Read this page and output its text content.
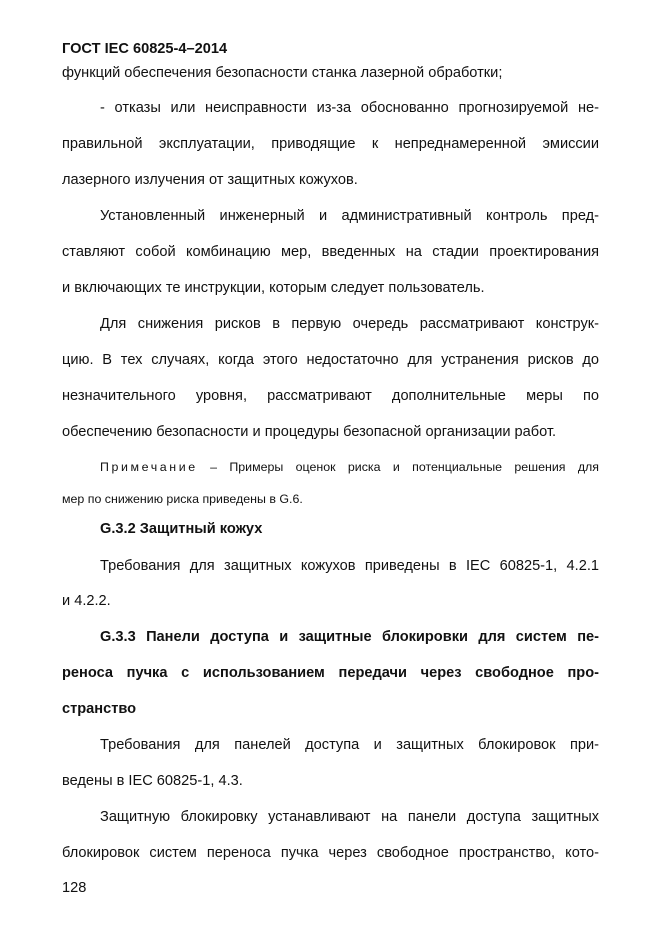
ГОСТ IEC 60825-4–2014

функций обеспечения безопасности станка лазерной обработки;

- отказы или неисправности из-за обоснованно прогнозируемой не-

правильной эксплуатации, приводящие к непреднамеренной эмиссии

лазерного излучения от защитных кожухов.

Установленный инженерный и административный контроль пред-

ставляют собой комбинацию мер, введенных на стадии проектирования

и включающих те инструкции, которым следует пользователь.

Для снижения рисков в первую очередь рассматривают конструк-

цию. В тех случаях, когда этого недостаточно для устранения рисков до

незначительного уровня, рассматривают дополнительные меры по

обеспечению безопасности и процедуры безопасной организации работ.

Примечание – Примеры оценок риска и потенциальные решения для

мер по снижению риска приведены в G.6.

G.3.2 Защитный кожух

Требования для защитных кожухов приведены в IEC 60825-1, 4.2.1

и 4.2.2.

G.3.3 Панели доступа и защитные блокировки для систем пе-

реноса пучка с использованием передачи через свободное про-

странство

Требования для панелей доступа и защитных блокировок при-

ведены в IEC 60825-1, 4.3.

Защитную блокировку устанавливают на панели доступа защитных

блокировок систем переноса пучка через свободное пространство, кото-

128
